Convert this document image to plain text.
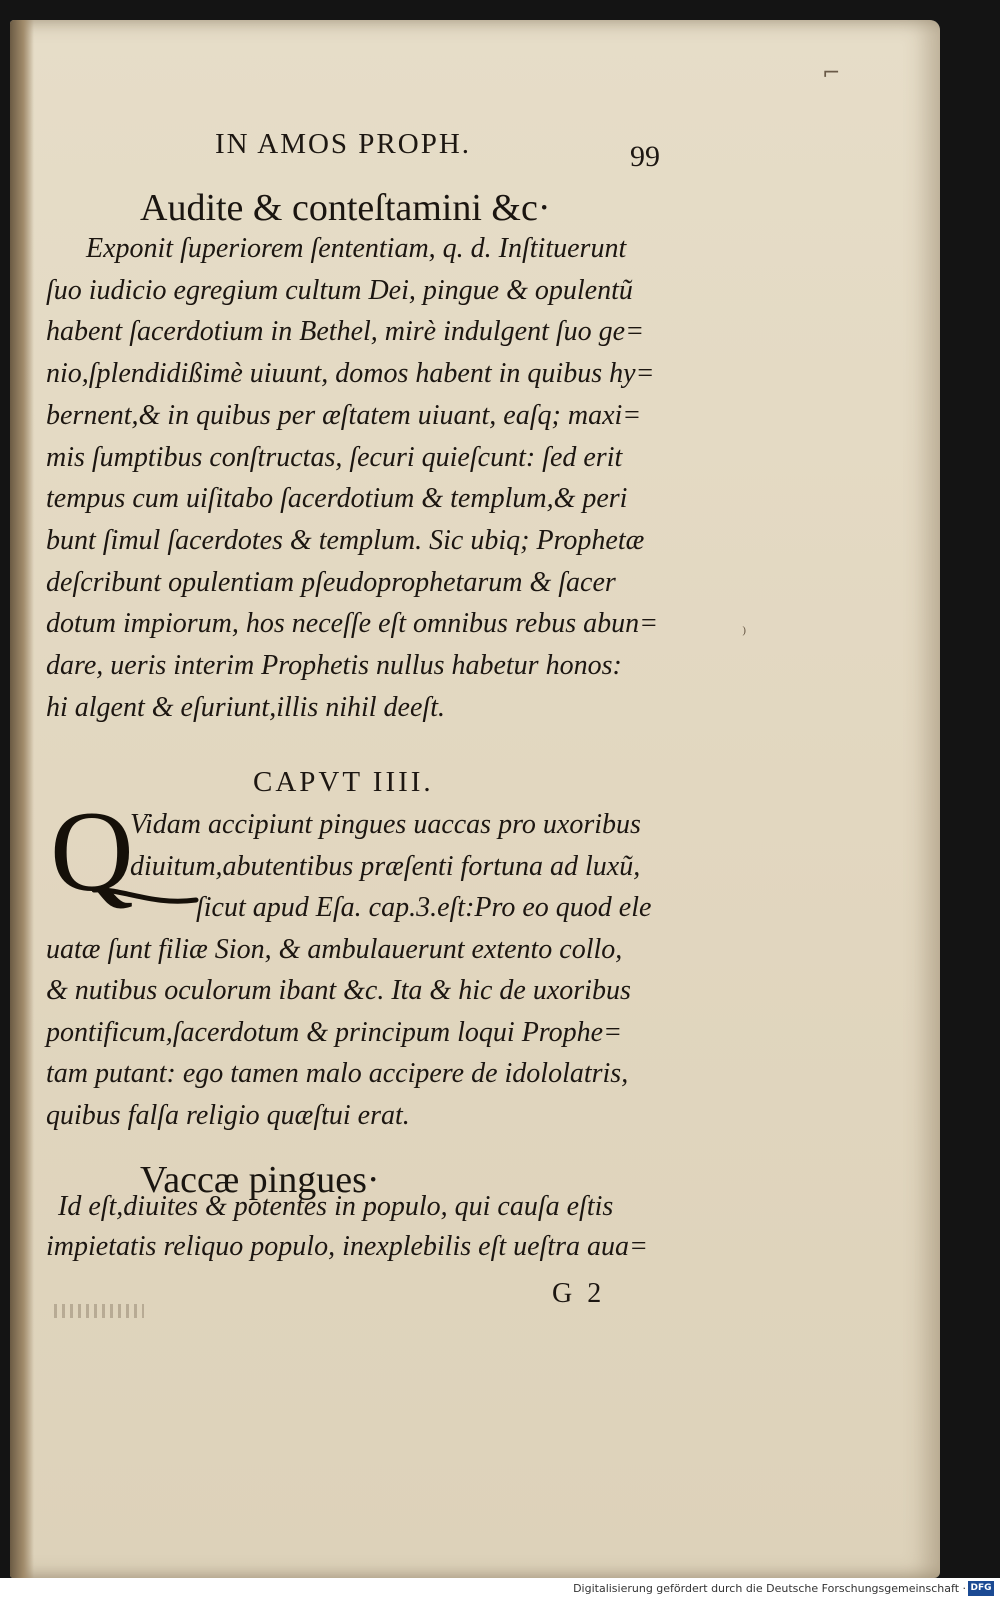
⌐
⁾
IN AMOS PROPH.	99
Audite & conteſtamini &c·
Exponit ſuperiorem ſententiam, q. d. Inſtituerunt
ſuo iudicio egregium cultum Dei, pingue & opulentũ
habent ſacerdotium in Bethel, mirè indulgent ſuo ge=
nio,ſplendidißimè uiuunt, domos habent in quibus hy=
bernent,& in quibus per æſtatem uiuant, eaſq; maxi=
mis ſumptibus conſtructas, ſecuri quieſcunt: ſed erit
tempus cum uiſitabo ſacerdotium & templum,& peri
bunt ſimul ſacerdotes & templum. Sic ubiq; Prophetæ
deſcribunt opulentiam pſeudoprophetarum & ſacer
dotum impiorum, hos neceſſe eſt omnibus rebus abun=
dare, ueris interim Prophetis nullus habetur honos:
hi algent & eſuriunt,illis nihil deeſt.
CAPVT IIII.
Q
Vidam accipiunt pingues uaccas pro uxoribus
diuitum,abutentibus præſenti fortuna ad luxũ,
ſicut apud Eſa. cap.3.eſt:Pro eo quod ele
uatæ ſunt filiæ Sion, & ambulauerunt extento collo,
& nutibus oculorum ibant &c. Ita & hic de uxoribus
pontificum,ſacerdotum & principum loqui Prophe=
tam putant: ego tamen malo accipere de idololatris,
quibus falſa religio quæſtui erat.
Vaccæ pingues·
Id eſt,diuites & potentes in populo, qui cauſa eſtis
impietatis reliquo populo, inexplebilis eſt ueſtra aua=
G 2
Digitalisierung gefördert durch die Deutsche Forschungsgemeinschaft · DFG
